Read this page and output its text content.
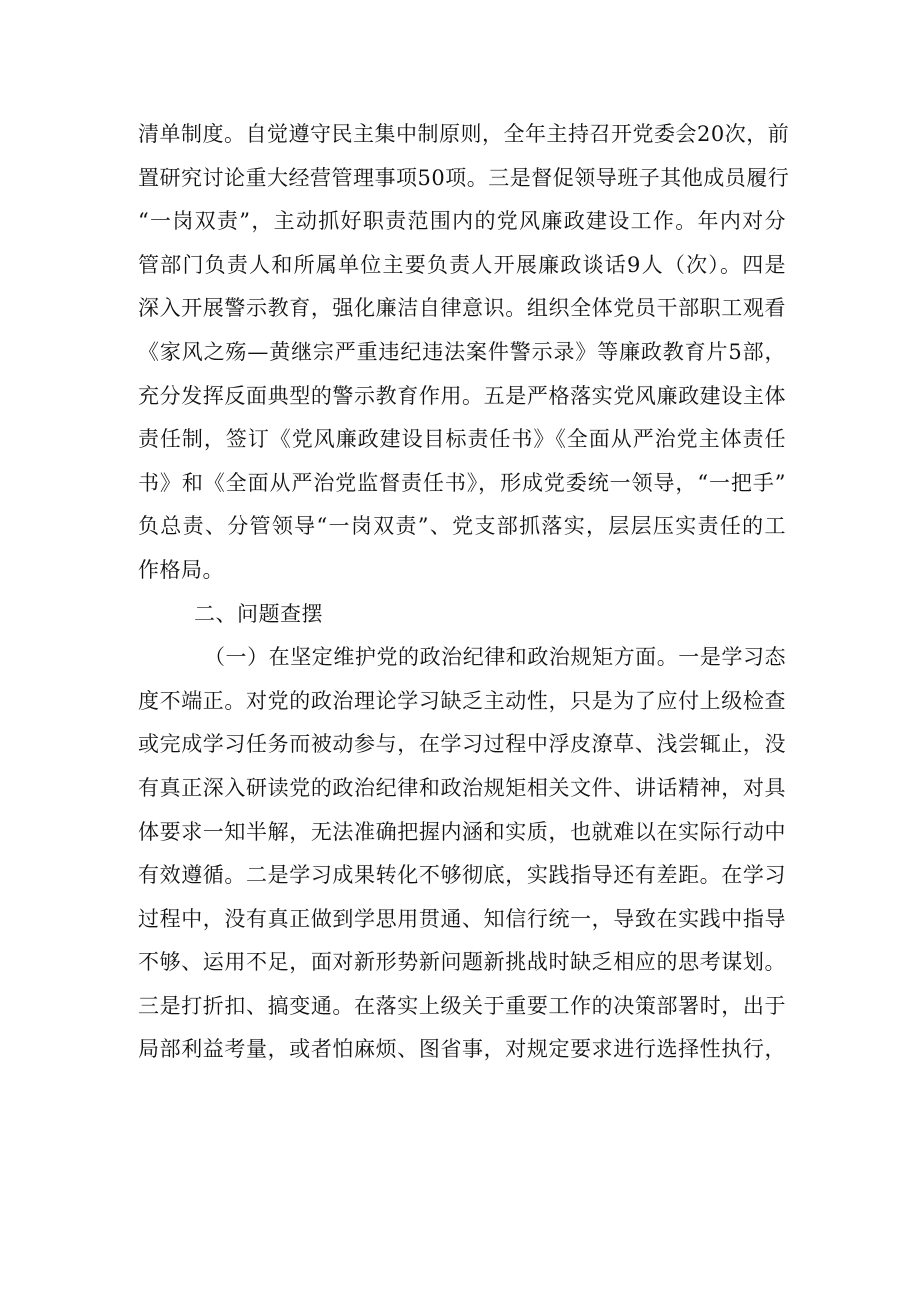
清单制度。自觉遵守民主集中制原则，全年主持召开党委会20次，前
置研究讨论重大经营管理事项50项。三是督促领导班子其他成员履行
“一岗双责”，主动抓好职责范围内的党风廉政建设工作。年内对分
管部门负责人和所属单位主要负责人开展廉政谈话9人（次）。四是
深入开展警示教育，强化廉洁自律意识。组织全体党员干部职工观看
《家风之殇—黄继宗严重违纪违法案件警示录》等廉政教育片5部，
充分发挥反面典型的警示教育作用。五是严格落实党风廉政建设主体
责任制，签订《党风廉政建设目标责任书》《全面从严治党主体责任
书》和《全面从严治党监督责任书》，形成党委统一领导，“一把手”
负总责、分管领导“一岗双责”、党支部抓落实，层层压实责任的工
作格局。
二、问题查摆
（一）在坚定维护党的政治纪律和政治规矩方面。一是学习态
度不端正。对党的政治理论学习缺乏主动性，只是为了应付上级检查
或完成学习任务而被动参与，在学习过程中浮皮潦草、浅尝辄止，没
有真正深入研读党的政治纪律和政治规矩相关文件、讲话精神，对具
体要求一知半解，无法准确把握内涵和实质，也就难以在实际行动中
有效遵循。二是学习成果转化不够彻底，实践指导还有差距。在学习
过程中，没有真正做到学思用贯通、知信行统一，导致在实践中指导
不够、运用不足，面对新形势新问题新挑战时缺乏相应的思考谋划。
三是打折扣、搞变通。在落实上级关于重要工作的决策部署时，出于
局部利益考量，或者怕麻烦、图省事，对规定要求进行选择性执行，
